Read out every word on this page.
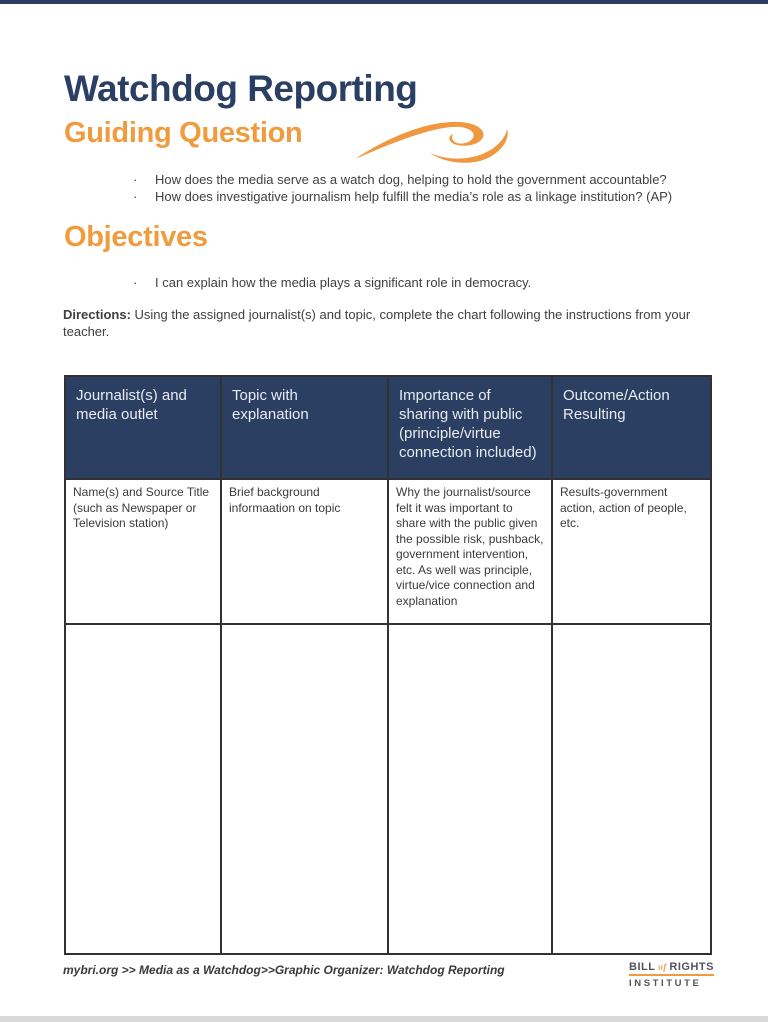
Watchdog Reporting
Guiding Question
·	How does the media serve as a watch dog, helping to hold the government accountable?
·	How does investigative journalism help fulfill the media’s role as a linkage institution? (AP)
Objectives
·	I can explain how the media plays a significant role in democracy.

Directions: Using the assigned journalist(s) and topic, complete the chart following the instructions from your teacher.

Journalist(s) and media outlet	Topic with explanation	Importance of sharing with public (principle/virtue connection included)	Outcome/Action Resulting
Name(s) and Source Title (such as Newspaper or Television station)	Brief background informaation on topic	Why the journalist/source felt it was important to share with the public given the possible risk, pushback, government intervention, etc. As well was principle, virtue/vice connection and explanation	Results-government action, action of people, etc.

mybri.org >> Media as a Watchdog>>Graphic Organizer: Watchdog Reporting	BILL of RIGHTS
INSTITUTE
